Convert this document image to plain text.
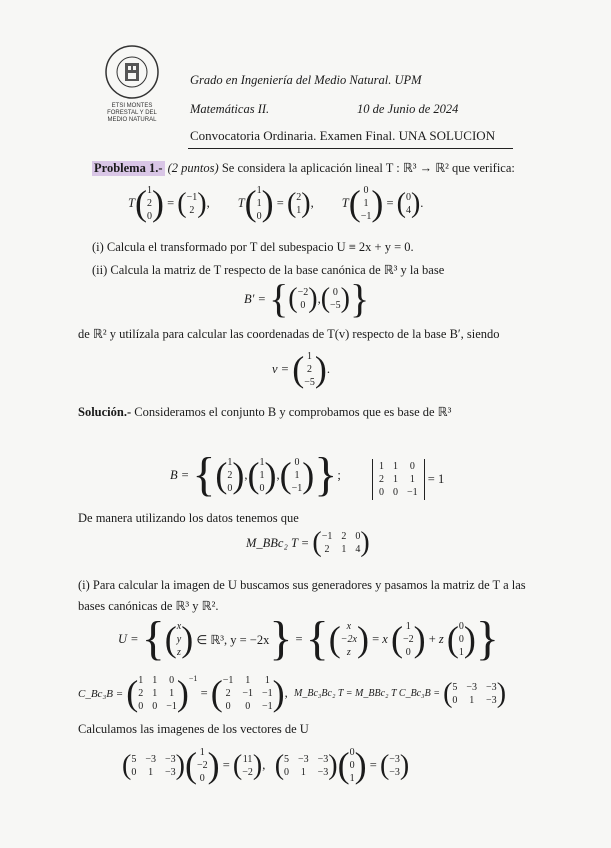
ETSI MONTES
FORESTAL Y DEL
MEDIO NATURAL
Grado en Ingeniería del Medio Natural. UPM
Matemáticas II.	10 de Junio de 2024
Convocatoria Ordinaria. Examen Final. UNA SOLUCION
Problema 1.-
(2 puntos)
Se considera la aplicación lineal T : ℝ³ → ℝ² que verifica:
T ( 1
2
0 ) = ( −1
2 ) , T ( 1
1
0 ) = ( 2
1 ) , T ( 0
1
−1 ) = ( 0
4 ) .
(i) Calcula el transformado por T del subespacio U ≡ 2x + y = 0.
(ii) Calcula la matriz de T respecto de la base canónica de ℝ³ y la base
B′ =
{ ( −2
0 ) , ( 0
−5 ) }
de ℝ² y utilízala para calcular las coordenadas de T(v) respecto de la base B′, siendo
v =
( 1
2
−5 ) .
Solución.-
Consideramos el conjunto B y comprobamos que es base de ℝ³
B =
{ ( 1
2
0 ) , ( 1
1
0 ) , ( 0
1
−1 ) } ;
1 1 0
2 1 1
0 0 −1

= 1
De manera utilizando los datos tenemos que
M_BBc₂ T =
( −1 2 0
2 1 4 )
(i) Para calcular la imagen de U buscamos sus generadores y pasamos la matriz de T a las
bases canónicas de ℝ³ y ℝ².
U =
{ ( x
y
z )
∈ ℝ³, y = −2x } = { ( x
−2x
z ) = x
( 1
−2
0 ) + z
( 0
0
1 ) }
C_Bc₃B =
( 1 1 0
2 1 1
0 0 −1 )$^{-1}$
= ( −1 1 1
2 −1 −1
0 0 −1 ) , M_Bc₃Bc₂ T = M_BBc₂ T C_Bc₃B =
( 5 −3 −3
0 1 −3 )
Calculamos las imagenes de los vectores de U
( 5 −3 −3
0 1 −3 ) ( 1
−2
0 ) = ( 11
−2 ) , ( 5 −3 −3
0 1 −3 ) ( 0
0
1 ) = ( −3
−3 )
